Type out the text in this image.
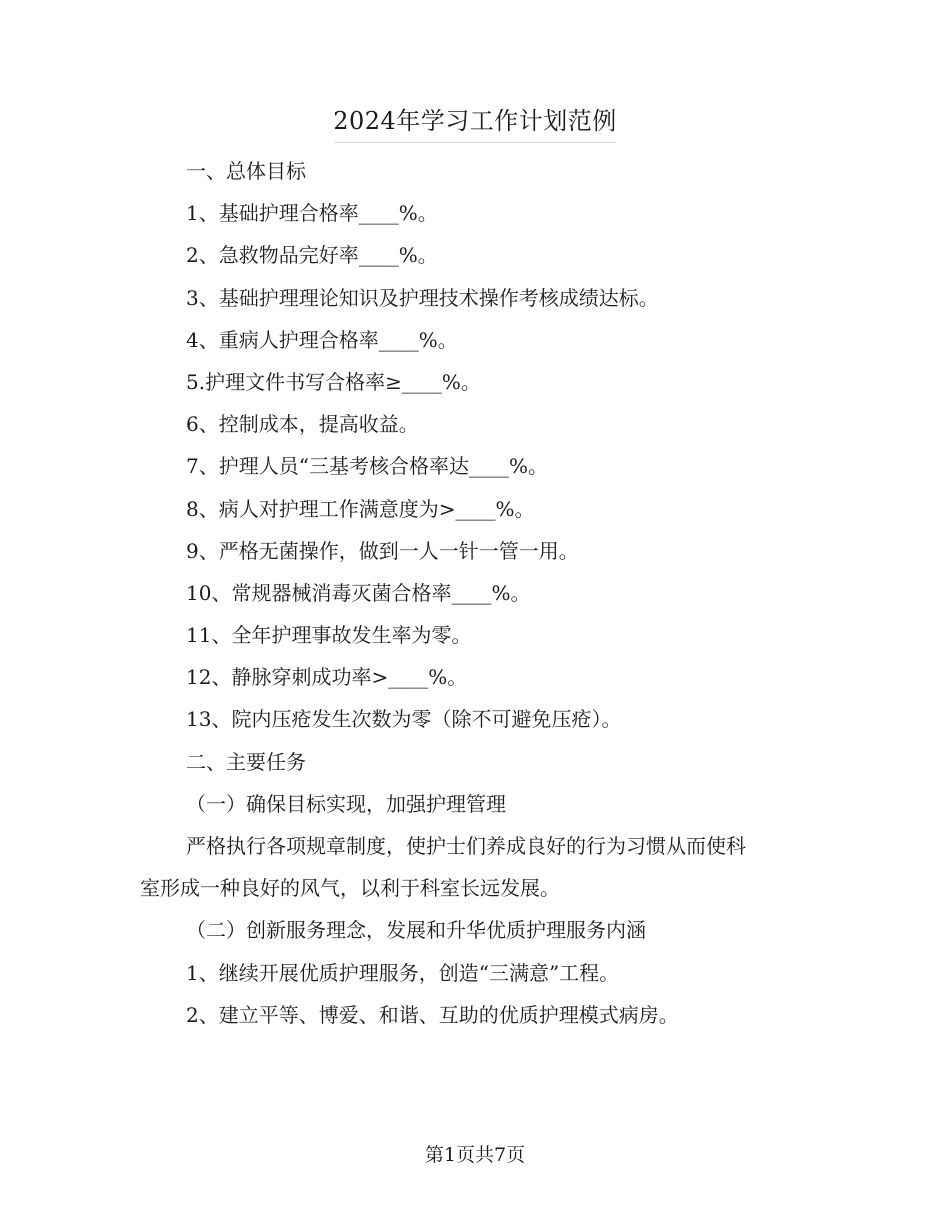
2024年学习工作计划范例
一、总体目标
1、基础护理合格率____%。
2、急救物品完好率____%。
3、基础护理理论知识及护理技术操作考核成绩达标。
4、重病人护理合格率____%。
5.护理文件书写合格率≥____%。
6、控制成本，提高收益。
7、护理人员“三基考核合格率达____%。
8、病人对护理工作满意度为>____%。
9、严格无菌操作，做到一人一针一管一用。
10、常规器械消毒灭菌合格率____%。
11、全年护理事故发生率为零。
12、静脉穿刺成功率>____%。
13、院内压疮发生次数为零（除不可避免压疮）。
二、主要任务
（一）确保目标实现，加强护理管理
严格执行各项规章制度，使护士们养成良好的行为习惯从而使科
室形成一种良好的风气，以利于科室长远发展。
（二）创新服务理念，发展和升华优质护理服务内涵
1、继续开展优质护理服务，创造“三满意”工程。
2、建立平等、博爱、和谐、互助的优质护理模式病房。
第1页共7页
